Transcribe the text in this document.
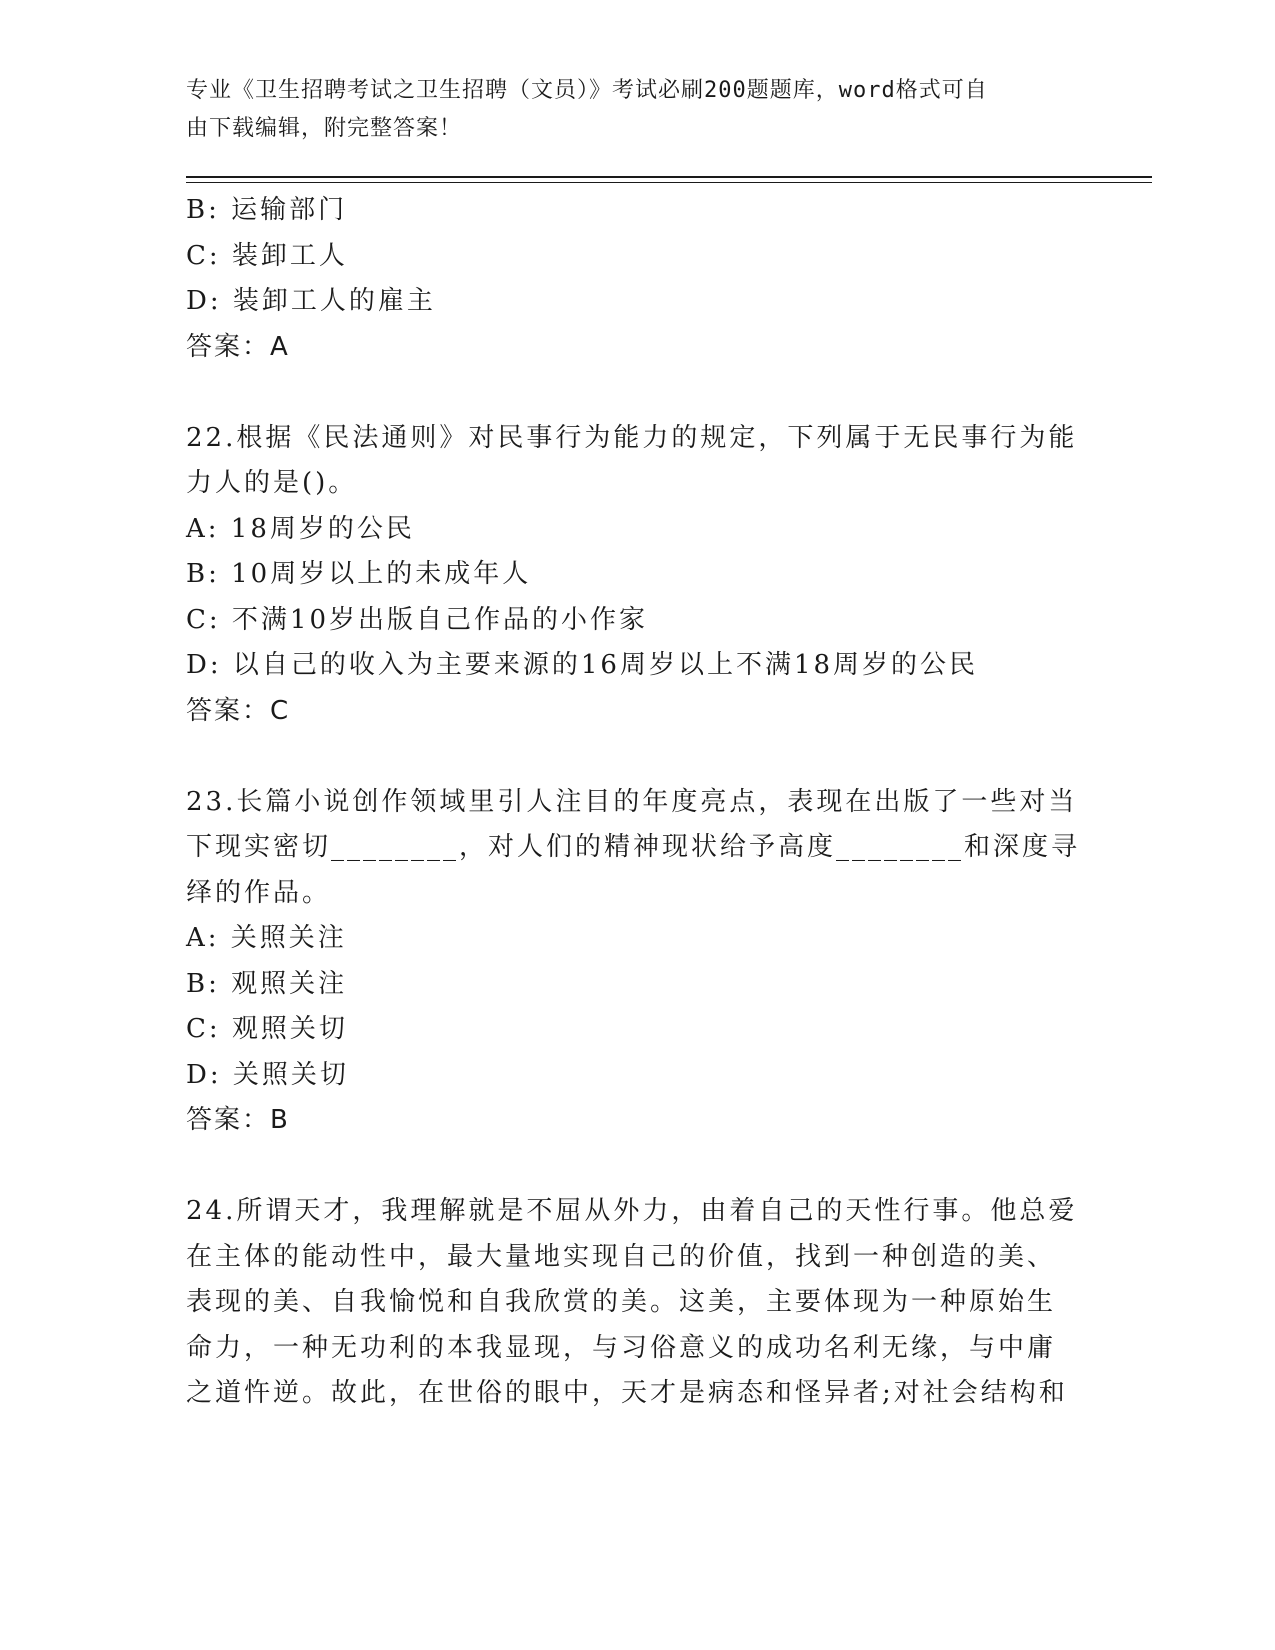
专业《卫生招聘考试之卫生招聘（文员）》考试必刷200题题库，word格式可自
由下载编辑，附完整答案！
B: 运输部门
C: 装卸工人
D: 装卸工人的雇主
答案：A
22.根据《民法通则》对民事行为能力的规定，下列属于无民事行为能
力人的是()。
A: 18周岁的公民
B: 10周岁以上的未成年人
C: 不满10岁出版自己作品的小作家
D: 以自己的收入为主要来源的16周岁以上不满18周岁的公民
答案：C
23.长篇小说创作领域里引人注目的年度亮点，表现在出版了一些对当
下现实密切________，对人们的精神现状给予高度________和深度寻
绎的作品。
A: 关照关注
B: 观照关注
C: 观照关切
D: 关照关切
答案：B
24.所谓天才，我理解就是不屈从外力，由着自己的天性行事。他总爱
在主体的能动性中，最大量地实现自己的价值，找到一种创造的美、
表现的美、自我愉悦和自我欣赏的美。这美，主要体现为一种原始生
命力，一种无功利的本我显现，与习俗意义的成功名利无缘，与中庸
之道忤逆。故此，在世俗的眼中，天才是病态和怪异者;对社会结构和
